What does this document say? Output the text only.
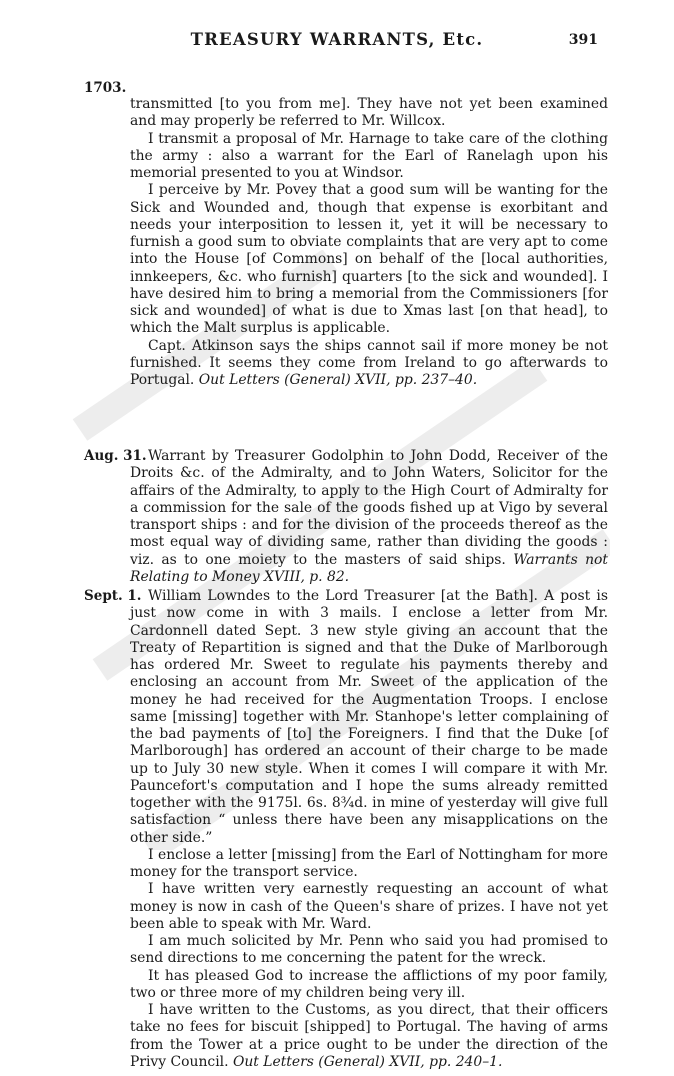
TREASURY WARRANTS, Etc.	391
1703.

transmitted [to you from me]. They have not yet been examined and may properly be referred to Mr. Willcox.

I transmit a proposal of Mr. Harnage to take care of the clothing the army : also a warrant for the Earl of Ranelagh upon his memorial presented to you at Windsor.

I perceive by Mr. Povey that a good sum will be wanting for the Sick and Wounded and, though that expense is exorbitant and needs your interposition to lessen it, yet it will be necessary to furnish a good sum to obviate complaints that are very apt to come into the House [of Commons] on behalf of the [local authorities, innkeepers, &c. who furnish] quarters [to the sick and wounded]. I have desired him to bring a memorial from the Commissioners [for sick and wounded] of what is due to Xmas last [on that head], to which the Malt surplus is applicable.

Capt. Atkinson says the ships cannot sail if more money be not furnished. It seems they come from Ireland to go afterwards to Portugal. Out Letters (General) XVII, pp. 237–40.

Aug. 31. Warrant by Treasurer Godolphin to John Dodd, Receiver of the Droits &c. of the Admiralty, and to John Waters, Solicitor for the affairs of the Admiralty, to apply to the High Court of Admiralty for a commission for the sale of the goods fished up at Vigo by several transport ships : and for the division of the proceeds thereof as the most equal way of dividing same, rather than dividing the goods : viz. as to one moiety to the masters of said ships. Warrants not Relating to Money XVIII, p. 82.

Sept. 1. William Lowndes to the Lord Treasurer [at the Bath]. A post is just now come in with 3 mails. I enclose a letter from Mr. Cardonnell dated Sept. 3 new style giving an account that the Treaty of Repartition is signed and that the Duke of Marlborough has ordered Mr. Sweet to regulate his payments thereby and enclosing an account from Mr. Sweet of the application of the money he had received for the Augmentation Troops. I enclose same [missing] together with Mr. Stanhope's letter complaining of the bad payments of [to] the Foreigners. I find that the Duke [of Marlborough] has ordered an account of their charge to be made up to July 30 new style. When it comes I will compare it with Mr. Pauncefort's computation and I hope the sums already remitted together with the 9175l. 6s. 8¾d. in mine of yesterday will give full satisfaction “ unless there have been any misapplications on the other side.”

I enclose a letter [missing] from the Earl of Nottingham for more money for the transport service.

I have written very earnestly requesting an account of what money is now in cash of the Queen's share of prizes. I have not yet been able to speak with Mr. Ward.

I am much solicited by Mr. Penn who said you had promised to send directions to me concerning the patent for the wreck.

It has pleased God to increase the afflictions of my poor family, two or three more of my children being very ill.

I have written to the Customs, as you direct, that their officers take no fees for biscuit [shipped] to Portugal. The having of arms from the Tower at a price ought to be under the direction of the Privy Council. Out Letters (General) XVII, pp. 240–1.
